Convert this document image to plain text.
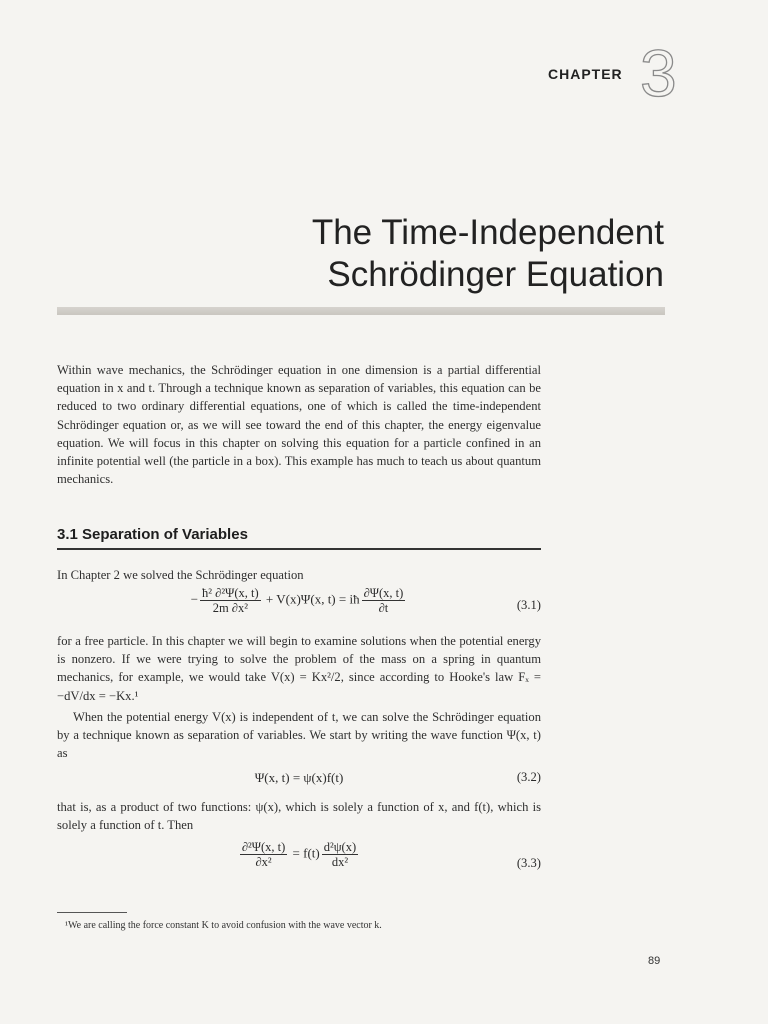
CHAPTER 3
The Time-Independent
Schrödinger Equation

Within wave mechanics, the Schrödinger equation in one dimension is a partial differential equation in x and t. Through a technique known as separation of variables, this equation can be reduced to two ordinary differential equations, one of which is called the time-independent Schrödinger equation or, as we will see toward the end of this chapter, the energy eigenvalue equation. We will focus in this chapter on solving this equation for a particle confined in an infinite potential well (the particle in a box). This example has much to teach us about quantum mechanics.

3.1 Separation of Variables

In Chapter 2 we solved the Schrödinger equation

− $\frac{\text{ħ² ∂²Ψ(x, t)}}{\text{2m ∂x²}} + V(x)\Psi(x$, t) = iħ $\frac{\partial\Psi(x, t)}{\partial t}$	(3.1)

for a free particle. In this chapter we will begin to examine solutions when the potential energy is nonzero. If we were trying to solve the problem of the mass on a spring in quantum mechanics, for example, we would take V(x) = Kx²/2, since according to Hooke's law Fₓ = −dV/dx = −Kx.¹

When the potential energy V(x) is independent of t, we can solve the Schrödinger equation by a technique known as separation of variables. We start by writing the wave function Ψ(x, t) as

Ψ(x, t) = ψ(x)f(t)	(3.2)

that is, as a product of two functions: ψ(x), which is solely a function of x, and f(t), which is solely a function of t. Then

$\frac{\text{∂²Ψ(x, t)}}{\text{∂x²}} = f(t) \frac{\text{d²ψ(x)}}{\text{dx²}}$	(3.3)
¹We are calling the force constant K to avoid confusion with the wave vector k.
89
